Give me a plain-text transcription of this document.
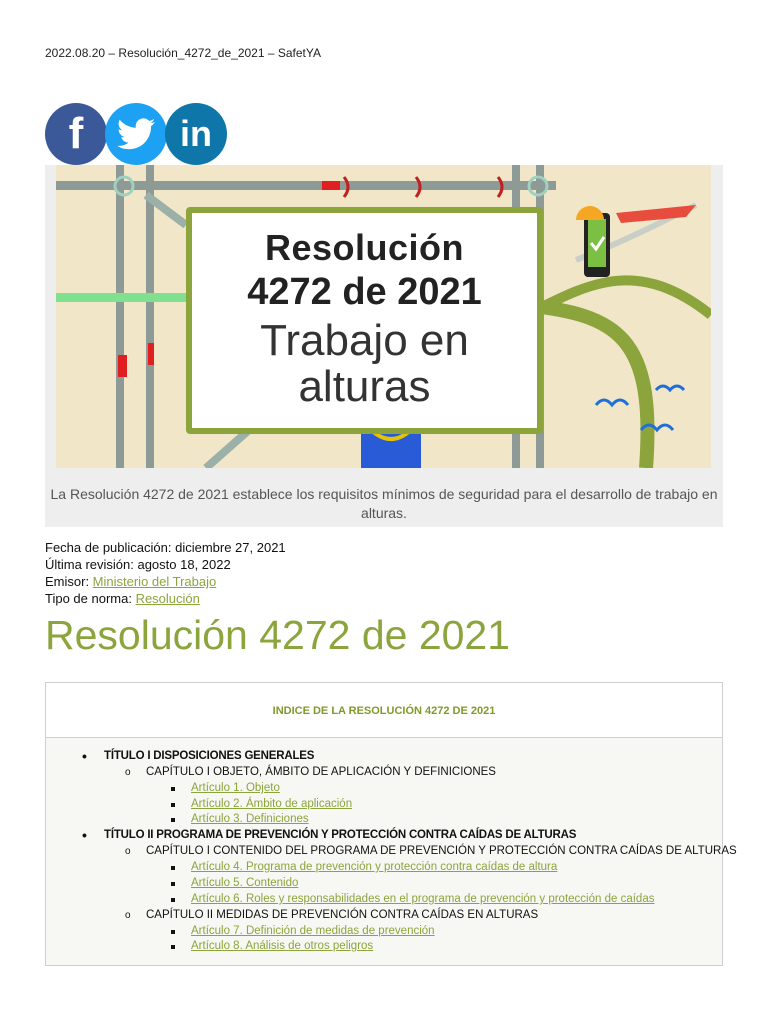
2022.08.20 – Resolución_4272_de_2021 – SafetYA
f	in
Resolución
4272 de 2021
Trabajo en
alturas
La Resolución 4272 de 2021 establece los requisitos mínimos de seguridad para el desarrollo de trabajo en alturas.
Fecha de publicación: diciembre 27, 2021
Última revisión: agosto 18, 2022
Emisor: Ministerio del Trabajo
Tipo de norma: Resolución
Resolución 4272 de 2021
INDICE DE LA RESOLUCIÓN 4272 DE 2021
• TÍTULO I DISPOSICIONES GENERALES
o CAPÍTULO I OBJETO, ÁMBITO DE APLICACIÓN Y DEFINICIONES
Artículo 1. Objeto
Artículo 2. Ámbito de aplicación
Artículo 3. Definiciones
• TÍTULO II PROGRAMA DE PREVENCIÓN Y PROTECCIÓN CONTRA CAÍDAS DE ALTURAS
o CAPÍTULO I CONTENIDO DEL PROGRAMA DE PREVENCIÓN Y PROTECCIÓN CONTRA CAÍDAS DE ALTURAS
Artículo 4. Programa de prevención y protección contra caídas de altura
Artículo 5. Contenido
Artículo 6. Roles y responsabilidades en el programa de prevención y protección de caídas
o CAPÍTULO II MEDIDAS DE PREVENCIÓN CONTRA CAÍDAS EN ALTURAS
Artículo 7. Definición de medidas de prevención
Artículo 8. Análisis de otros peligros
